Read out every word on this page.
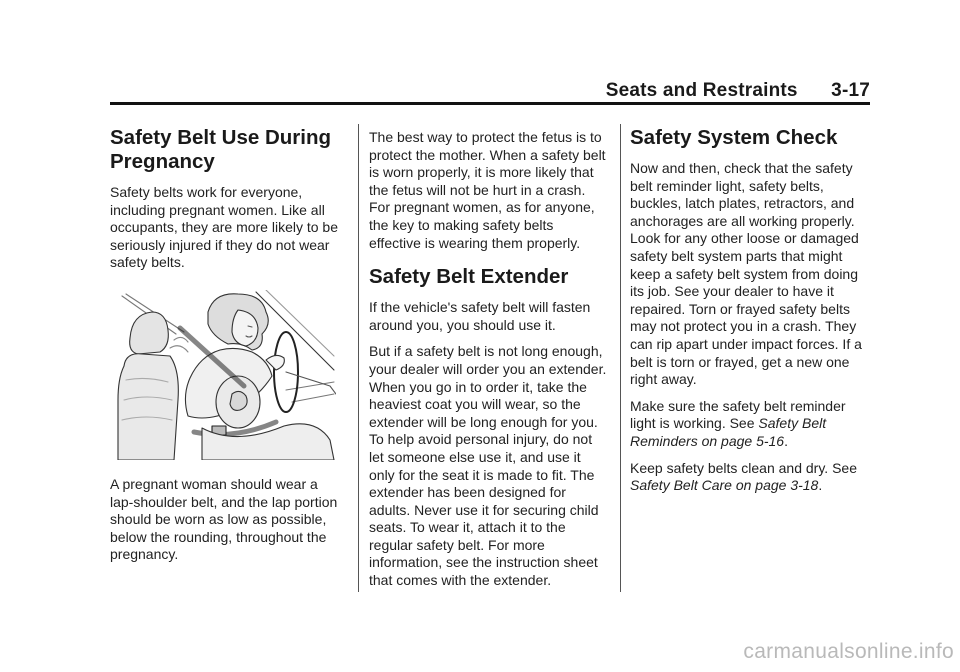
Seats and Restraints 3-17
Safety Belt Use During Pregnancy

Safety belts work for everyone, including pregnant women. Like all occupants, they are more likely to be seriously injured if they do not wear safety belts.

A pregnant woman should wear a lap-shoulder belt, and the lap portion should be worn as low as possible, below the rounding, throughout the pregnancy.

The best way to protect the fetus is to protect the mother. When a safety belt is worn properly, it is more likely that the fetus will not be hurt in a crash. For pregnant women, as for anyone, the key to making safety belts effective is wearing them properly.

Safety Belt Extender

If the vehicle's safety belt will fasten around you, you should use it.

But if a safety belt is not long enough, your dealer will order you an extender. When you go in to order it, take the heaviest coat you will wear, so the extender will be long enough for you. To help avoid personal injury, do not let someone else use it, and use it only for the seat it is made to fit. The extender has been designed for adults. Never use it for securing child seats. To wear it, attach it to the regular safety belt. For more information, see the instruction sheet that comes with the extender.

Safety System Check

Now and then, check that the safety belt reminder light, safety belts, buckles, latch plates, retractors, and anchorages are all working properly. Look for any other loose or damaged safety belt system parts that might keep a safety belt system from doing its job. See your dealer to have it repaired. Torn or frayed safety belts may not protect you in a crash. They can rip apart under impact forces. If a belt is torn or frayed, get a new one right away.

Make sure the safety belt reminder light is working. See Safety Belt Reminders on page 5-16.

Keep safety belts clean and dry. See Safety Belt Care on page 3-18.

carmanualsonline.info
